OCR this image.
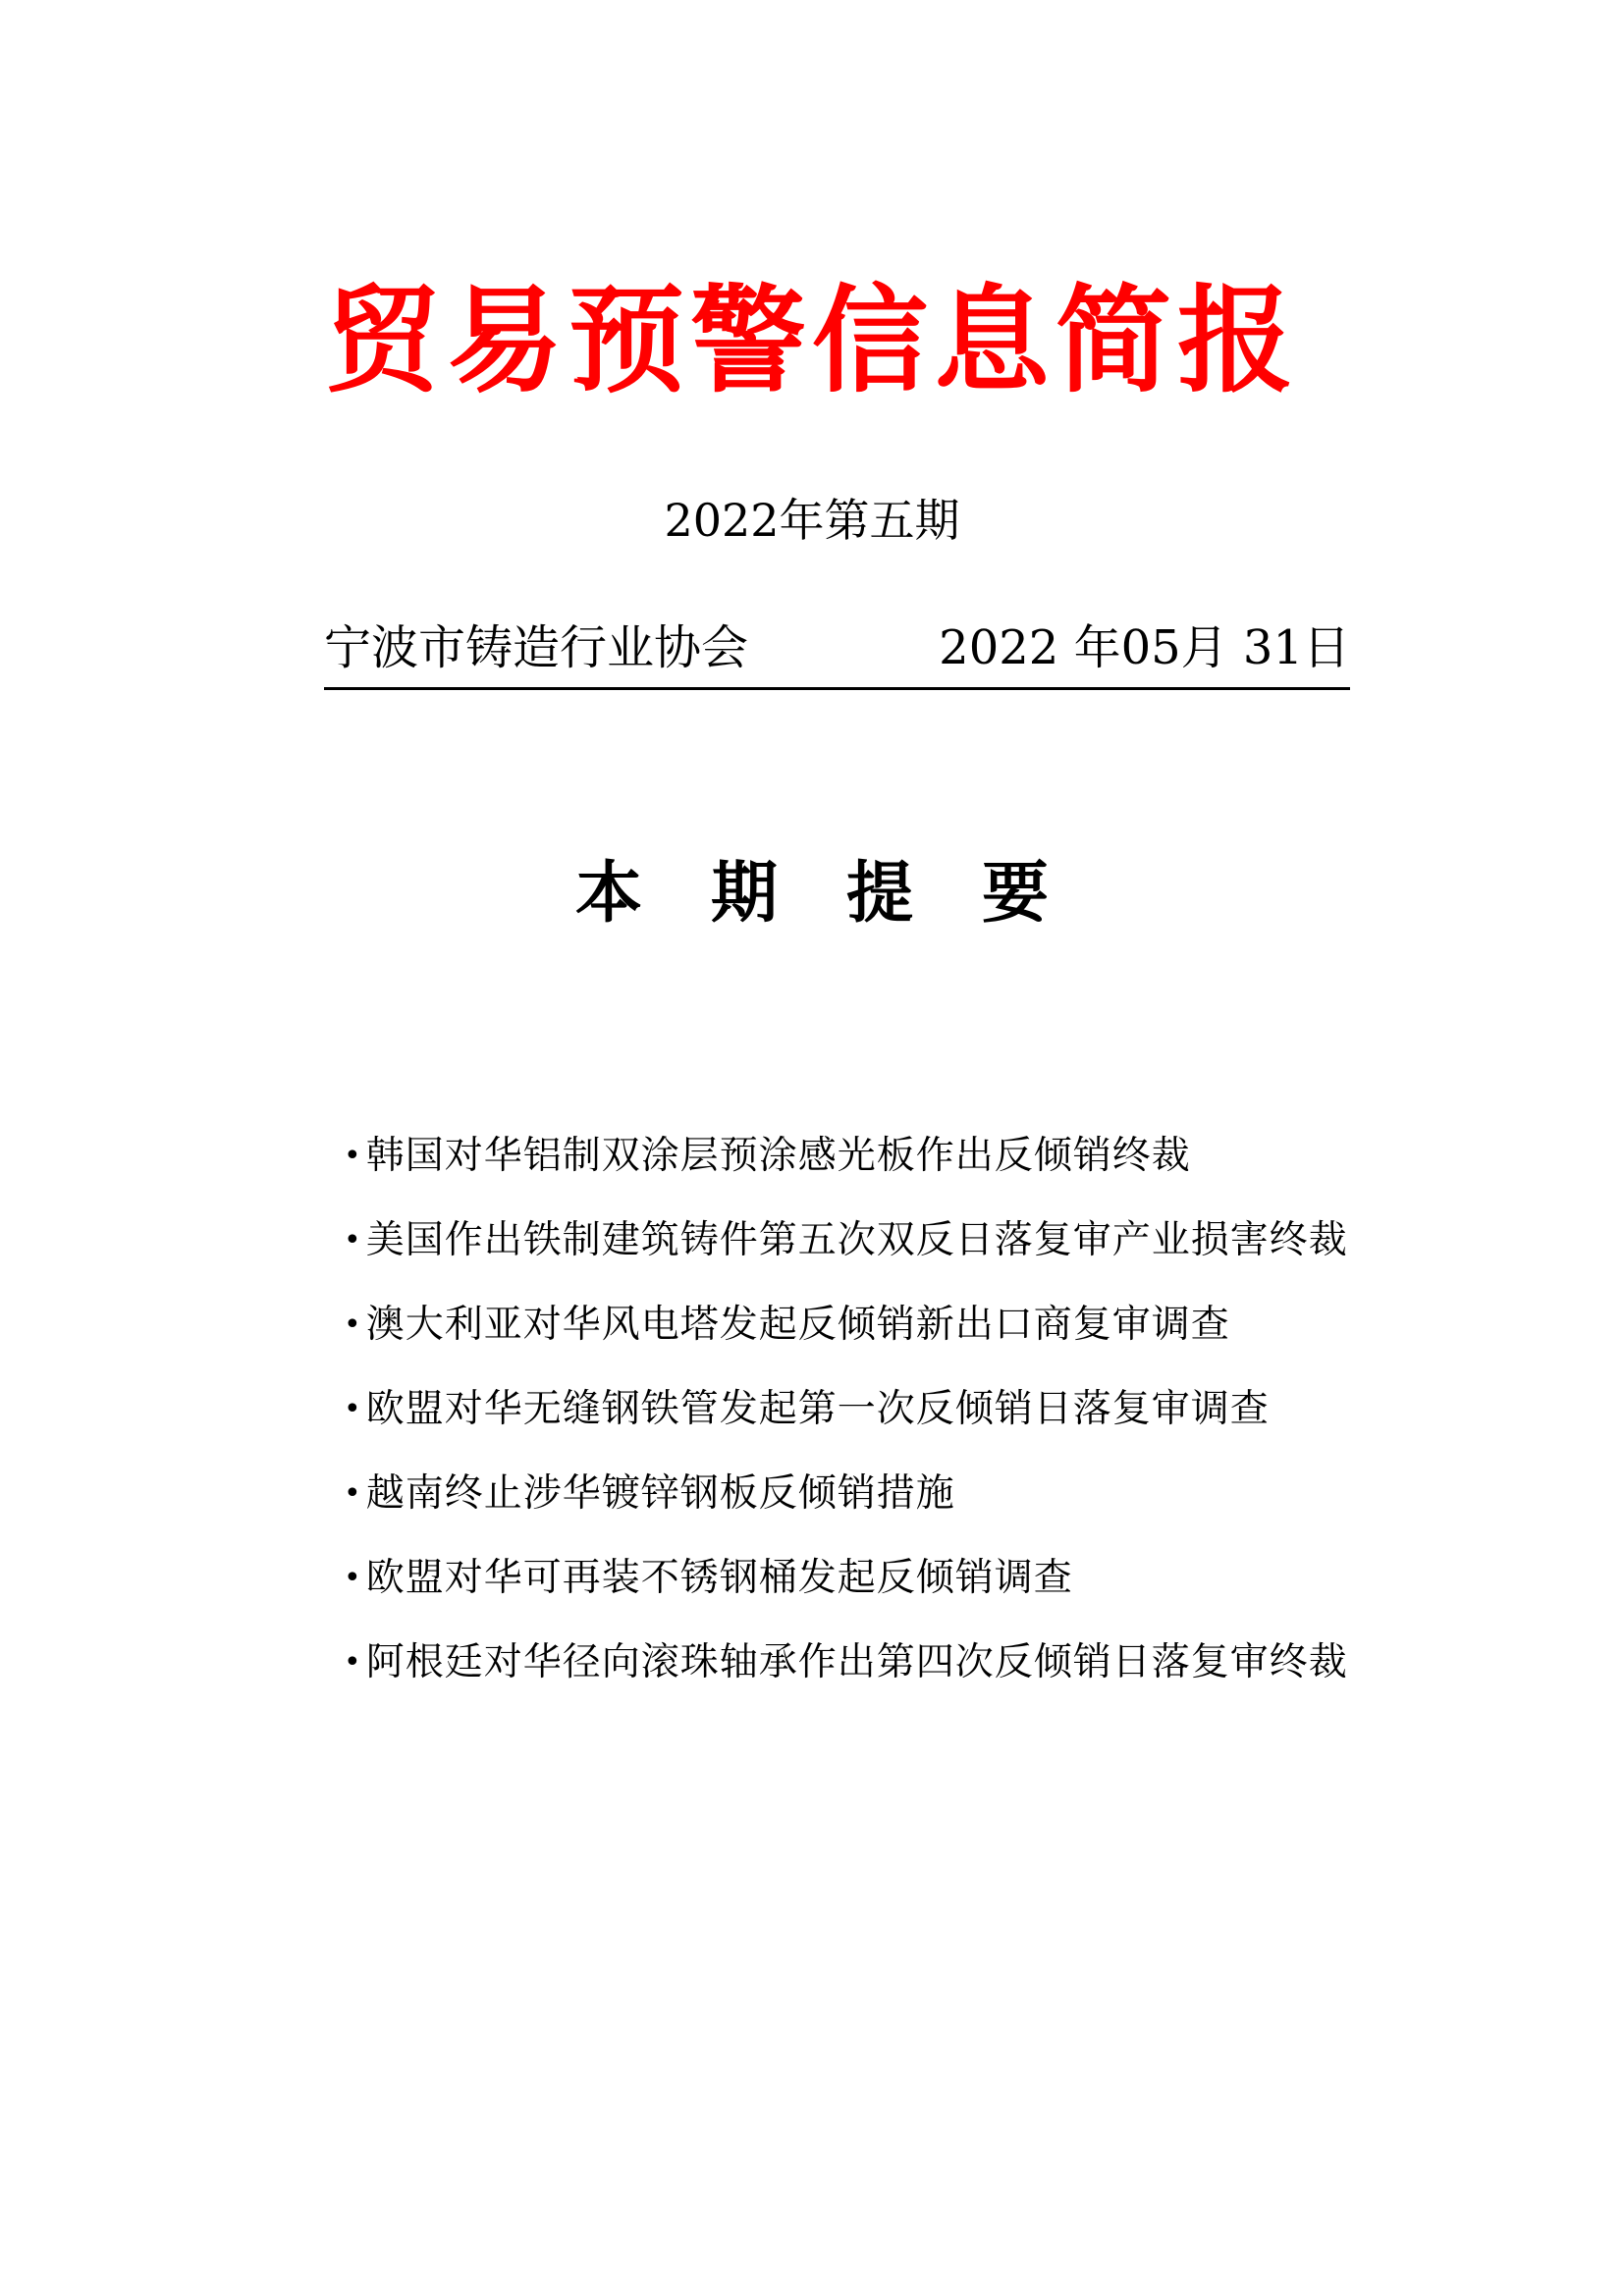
贸易预警信息简报

2022年第五期

宁波市铸造行业协会	2022 年05月 31日
本期提要
• 韩国对华铝制双涂层预涂感光板作出反倾销终裁
• 美国作出铁制建筑铸件第五次双反日落复审产业损害终裁
• 澳大利亚对华风电塔发起反倾销新出口商复审调查
• 欧盟对华无缝钢铁管发起第一次反倾销日落复审调查
• 越南终止涉华镀锌钢板反倾销措施
• 欧盟对华可再装不锈钢桶发起反倾销调查
• 阿根廷对华径向滚珠轴承作出第四次反倾销日落复审终裁
